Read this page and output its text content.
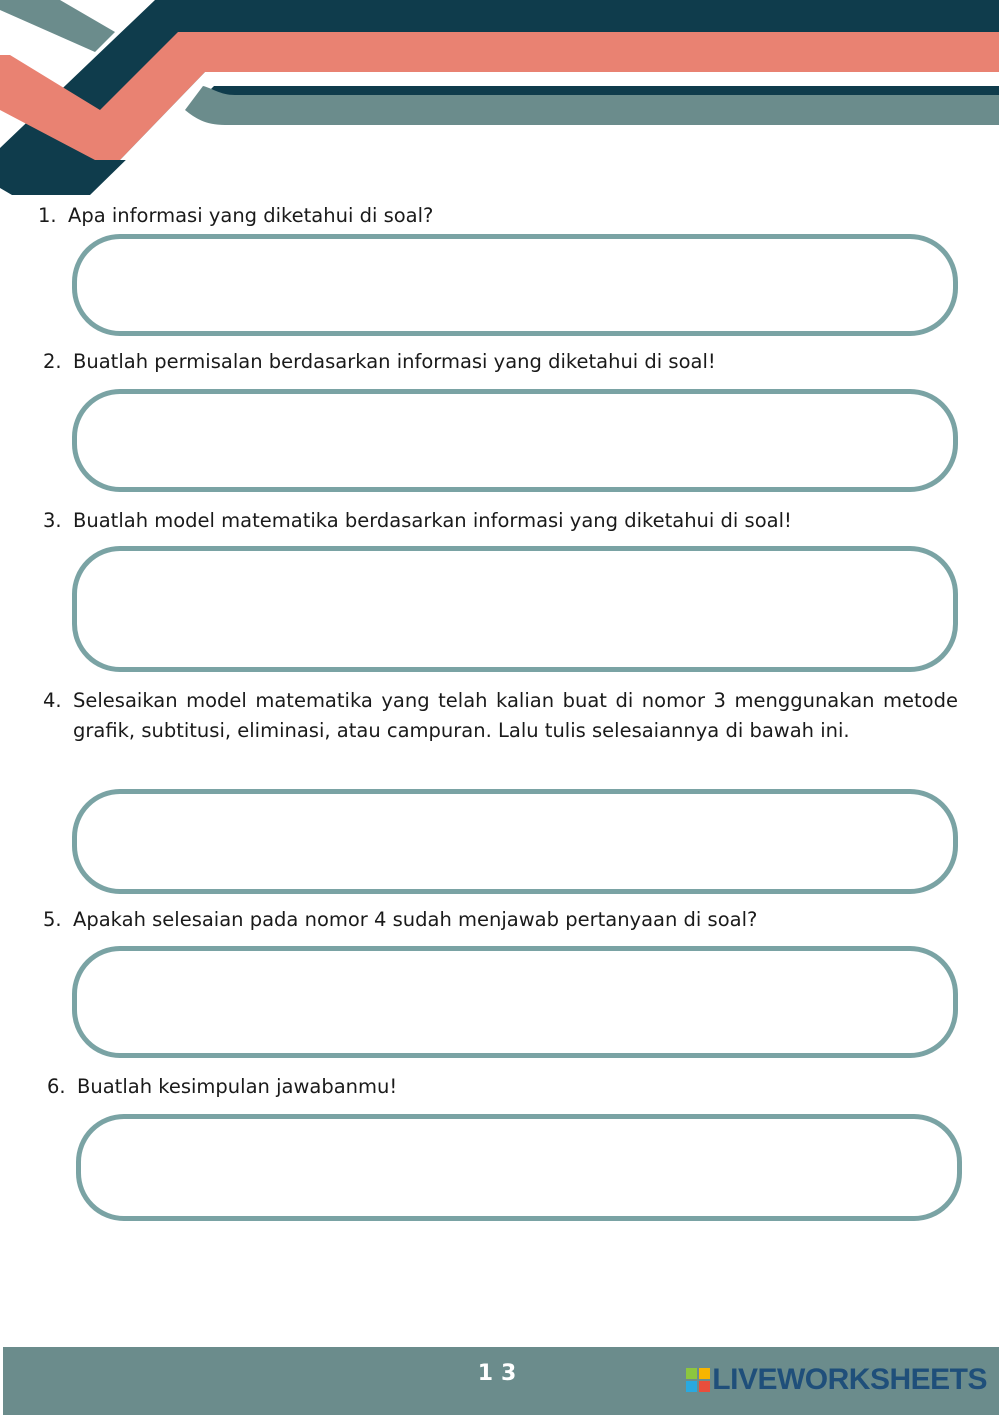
1. Apa informasi yang diketahui di soal?
2. Buatlah permisalan berdasarkan informasi yang diketahui di soal!
3. Buatlah model matematika berdasarkan informasi yang diketahui di soal!
4. Selesaikan model matematika yang telah kalian buat di nomor 3 menggunakan metode grafik, subtitusi, eliminasi, atau campuran. Lalu tulis selesaiannya di bawah ini.
5. Apakah selesaian pada nomor 4 sudah menjawab pertanyaan di soal?
6. Buatlah kesimpulan jawabanmu!
13	LIVEWORKSHEETS
